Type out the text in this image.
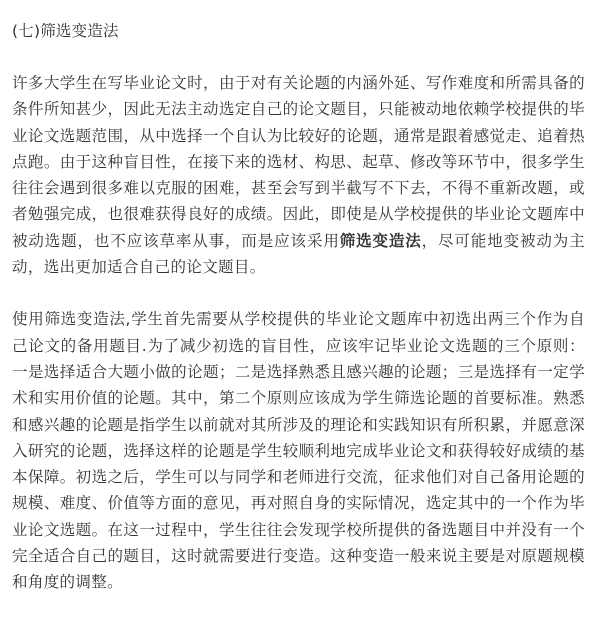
(七)筛选变造法

许多大学生在写毕业论文时，由于对有关论题的内涵外延、写作难度和所需具备的条件所知甚少，因此无法主动选定自己的论文题目，只能被动地依赖学校提供的毕业论文选题范围，从中选择一个自认为比较好的论题，通常是跟着感觉走、追着热点跑。由于这种盲目性，在接下来的选材、构思、起草、修改等环节中，很多学生往往会遇到很多难以克服的困难，甚至会写到半截写不下去，不得不重新改题，或者勉强完成，也很难获得良好的成绩。因此，即使是从学校提供的毕业论文题库中被动选题，也不应该草率从事，而是应该采用筛选变造法，尽可能地变被动为主动，选出更加适合自己的论文题目。

使用筛选变造法,学生首先需要从学校提供的毕业论文题库中初选出两三个作为自己论文的备用题目.为了减少初选的盲目性，应该牢记毕业论文选题的三个原则：一是选择适合大题小做的论题；二是选择熟悉且感兴趣的论题；三是选择有一定学术和实用价值的论题。其中，第二个原则应该成为学生筛选论题的首要标准。熟悉和感兴趣的论题是指学生以前就对其所涉及的理论和实践知识有所积累，并愿意深入研究的论题，选择这样的论题是学生较顺利地完成毕业论文和获得较好成绩的基本保障。初选之后，学生可以与同学和老师进行交流，征求他们对自己备用论题的规模、难度、价值等方面的意见，再对照自身的实际情况，选定其中的一个作为毕业论文选题。在这一过程中，学生往往会发现学校所提供的备选题目中并没有一个完全适合自己的题目，这时就需要进行变造。这种变造一般来说主要是对原题规模和角度的调整。
